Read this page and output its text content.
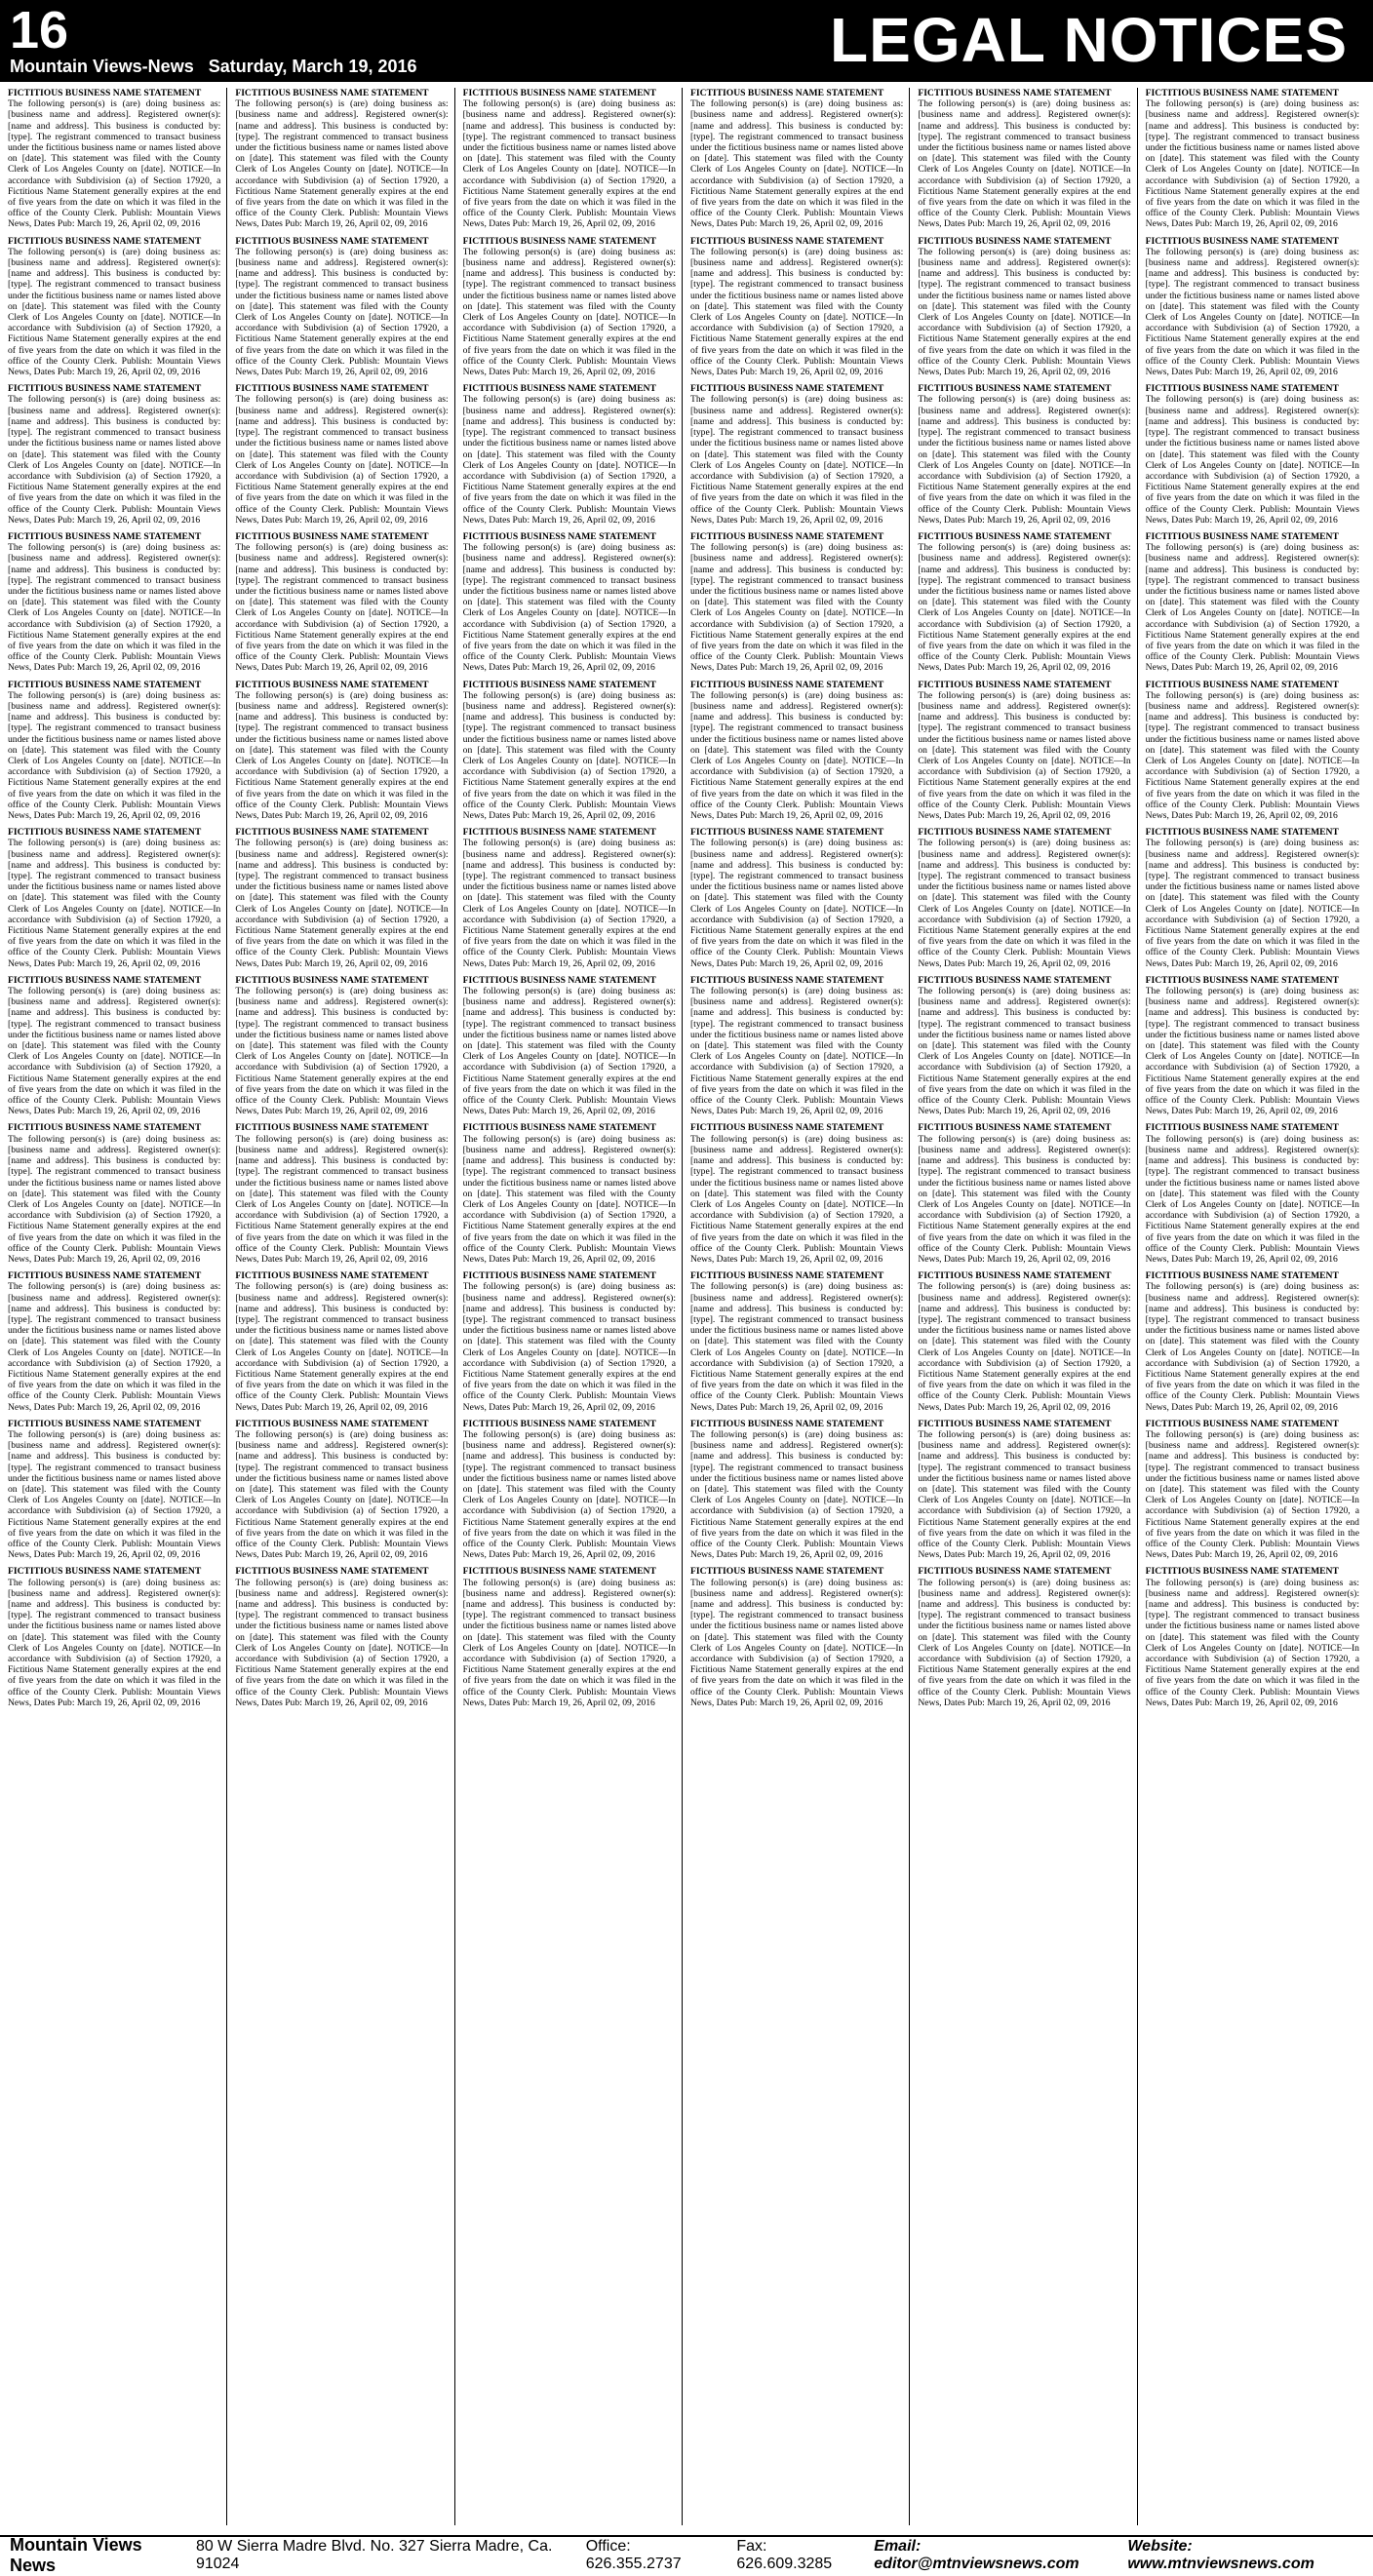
16
Mountain Views-News Saturday, March 19, 2016	LEGAL NOTICES
FICTITIOUS BUSINESS NAME STATEMENT
The following person(s) is (are) doing business as: [business name and address]. Registered owner(s): [name and address]. This business is conducted by: [type]. The registrant commenced to transact business under the fictitious business name or names listed above on [date]. This statement was filed with the County Clerk of Los Angeles County on [date]. NOTICE—In accordance with Subdivision (a) of Section 17920, a Fictitious Name Statement generally expires at the end of five years from the date on which it was filed in the office of the County Clerk. Publish: Mountain Views News, Dates Pub: March 19, 26, April 02, 09, 2016
FICTITIOUS BUSINESS NAME STATEMENT
The following person(s) is (are) doing business as: [business name and address]. Registered owner(s): [name and address]. This business is conducted by: [type]. The registrant commenced to transact business under the fictitious business name or names listed above on [date]. This statement was filed with the County Clerk of Los Angeles County on [date]. NOTICE—In accordance with Subdivision (a) of Section 17920, a Fictitious Name Statement generally expires at the end of five years from the date on which it was filed in the office of the County Clerk. Publish: Mountain Views News, Dates Pub: March 19, 26, April 02, 09, 2016
FICTITIOUS BUSINESS NAME STATEMENT
The following person(s) is (are) doing business as: [business name and address]. Registered owner(s): [name and address]. This business is conducted by: [type]. The registrant commenced to transact business under the fictitious business name or names listed above on [date]. This statement was filed with the County Clerk of Los Angeles County on [date]. NOTICE—In accordance with Subdivision (a) of Section 17920, a Fictitious Name Statement generally expires at the end of five years from the date on which it was filed in the office of the County Clerk. Publish: Mountain Views News, Dates Pub: March 19, 26, April 02, 09, 2016
FICTITIOUS BUSINESS NAME STATEMENT
The following person(s) is (are) doing business as: [business name and address]. Registered owner(s): [name and address]. This business is conducted by: [type]. The registrant commenced to transact business under the fictitious business name or names listed above on [date]. This statement was filed with the County Clerk of Los Angeles County on [date]. NOTICE—In accordance with Subdivision (a) of Section 17920, a Fictitious Name Statement generally expires at the end of five years from the date on which it was filed in the office of the County Clerk. Publish: Mountain Views News, Dates Pub: March 19, 26, April 02, 09, 2016
FICTITIOUS BUSINESS NAME STATEMENT
The following person(s) is (are) doing business as: [business name and address]. Registered owner(s): [name and address]. This business is conducted by: [type]. The registrant commenced to transact business under the fictitious business name or names listed above on [date]. This statement was filed with the County Clerk of Los Angeles County on [date]. NOTICE—In accordance with Subdivision (a) of Section 17920, a Fictitious Name Statement generally expires at the end of five years from the date on which it was filed in the office of the County Clerk. Publish: Mountain Views News, Dates Pub: March 19, 26, April 02, 09, 2016
FICTITIOUS BUSINESS NAME STATEMENT
The following person(s) is (are) doing business as: [business name and address]. Registered owner(s): [name and address]. This business is conducted by: [type]. The registrant commenced to transact business under the fictitious business name or names listed above on [date]. This statement was filed with the County Clerk of Los Angeles County on [date]. NOTICE—In accordance with Subdivision (a) of Section 17920, a Fictitious Name Statement generally expires at the end of five years from the date on which it was filed in the office of the County Clerk. Publish: Mountain Views News, Dates Pub: March 19, 26, April 02, 09, 2016
FICTITIOUS BUSINESS NAME STATEMENT
The following person(s) is (are) doing business as: [business name and address]. Registered owner(s): [name and address]. This business is conducted by: [type]. The registrant commenced to transact business under the fictitious business name or names listed above on [date]. This statement was filed with the County Clerk of Los Angeles County on [date]. NOTICE—In accordance with Subdivision (a) of Section 17920, a Fictitious Name Statement generally expires at the end of five years from the date on which it was filed in the office of the County Clerk. Publish: Mountain Views News, Dates Pub: March 19, 26, April 02, 09, 2016
FICTITIOUS BUSINESS NAME STATEMENT
The following person(s) is (are) doing business as: [business name and address]. Registered owner(s): [name and address]. This business is conducted by: [type]. The registrant commenced to transact business under the fictitious business name or names listed above on [date]. This statement was filed with the County Clerk of Los Angeles County on [date]. NOTICE—In accordance with Subdivision (a) of Section 17920, a Fictitious Name Statement generally expires at the end of five years from the date on which it was filed in the office of the County Clerk. Publish: Mountain Views News, Dates Pub: March 19, 26, April 02, 09, 2016
FICTITIOUS BUSINESS NAME STATEMENT
The following person(s) is (are) doing business as: [business name and address]. Registered owner(s): [name and address]. This business is conducted by: [type]. The registrant commenced to transact business under the fictitious business name or names listed above on [date]. This statement was filed with the County Clerk of Los Angeles County on [date]. NOTICE—In accordance with Subdivision (a) of Section 17920, a Fictitious Name Statement generally expires at the end of five years from the date on which it was filed in the office of the County Clerk. Publish: Mountain Views News, Dates Pub: March 19, 26, April 02, 09, 2016
FICTITIOUS BUSINESS NAME STATEMENT
The following person(s) is (are) doing business as: [business name and address]. Registered owner(s): [name and address]. This business is conducted by: [type]. The registrant commenced to transact business under the fictitious business name or names listed above on [date]. This statement was filed with the County Clerk of Los Angeles County on [date]. NOTICE—In accordance with Subdivision (a) of Section 17920, a Fictitious Name Statement generally expires at the end of five years from the date on which it was filed in the office of the County Clerk. Publish: Mountain Views News, Dates Pub: March 19, 26, April 02, 09, 2016
FICTITIOUS BUSINESS NAME STATEMENT
The following person(s) is (are) doing business as: [business name and address]. Registered owner(s): [name and address]. This business is conducted by: [type]. The registrant commenced to transact business under the fictitious business name or names listed above on [date]. This statement was filed with the County Clerk of Los Angeles County on [date]. NOTICE—In accordance with Subdivision (a) of Section 17920, a Fictitious Name Statement generally expires at the end of five years from the date on which it was filed in the office of the County Clerk. Publish: Mountain Views News, Dates Pub: March 19, 26, April 02, 09, 2016
FICTITIOUS BUSINESS NAME STATEMENT
The following person(s) is (are) doing business as: [business name and address]. Registered owner(s): [name and address]. This business is conducted by: [type]. The registrant commenced to transact business under the fictitious business name or names listed above on [date]. This statement was filed with the County Clerk of Los Angeles County on [date]. NOTICE—In accordance with Subdivision (a) of Section 17920, a Fictitious Name Statement generally expires at the end of five years from the date on which it was filed in the office of the County Clerk. Publish: Mountain Views News, Dates Pub: March 19, 26, April 02, 09, 2016
FICTITIOUS BUSINESS NAME STATEMENT
The following person(s) is (are) doing business as: [business name and address]. Registered owner(s): [name and address]. This business is conducted by: [type]. The registrant commenced to transact business under the fictitious business name or names listed above on [date]. This statement was filed with the County Clerk of Los Angeles County on [date]. NOTICE—In accordance with Subdivision (a) of Section 17920, a Fictitious Name Statement generally expires at the end of five years from the date on which it was filed in the office of the County Clerk. Publish: Mountain Views News, Dates Pub: March 19, 26, April 02, 09, 2016
FICTITIOUS BUSINESS NAME STATEMENT
The following person(s) is (are) doing business as: [business name and address]. Registered owner(s): [name and address]. This business is conducted by: [type]. The registrant commenced to transact business under the fictitious business name or names listed above on [date]. This statement was filed with the County Clerk of Los Angeles County on [date]. NOTICE—In accordance with Subdivision (a) of Section 17920, a Fictitious Name Statement generally expires at the end of five years from the date on which it was filed in the office of the County Clerk. Publish: Mountain Views News, Dates Pub: March 19, 26, April 02, 09, 2016
FICTITIOUS BUSINESS NAME STATEMENT
The following person(s) is (are) doing business as: [business name and address]. Registered owner(s): [name and address]. This business is conducted by: [type]. The registrant commenced to transact business under the fictitious business name or names listed above on [date]. This statement was filed with the County Clerk of Los Angeles County on [date]. NOTICE—In accordance with Subdivision (a) of Section 17920, a Fictitious Name Statement generally expires at the end of five years from the date on which it was filed in the office of the County Clerk. Publish: Mountain Views News, Dates Pub: March 19, 26, April 02, 09, 2016
FICTITIOUS BUSINESS NAME STATEMENT
The following person(s) is (are) doing business as: [business name and address]. Registered owner(s): [name and address]. This business is conducted by: [type]. The registrant commenced to transact business under the fictitious business name or names listed above on [date]. This statement was filed with the County Clerk of Los Angeles County on [date]. NOTICE—In accordance with Subdivision (a) of Section 17920, a Fictitious Name Statement generally expires at the end of five years from the date on which it was filed in the office of the County Clerk. Publish: Mountain Views News, Dates Pub: March 19, 26, April 02, 09, 2016
FICTITIOUS BUSINESS NAME STATEMENT
The following person(s) is (are) doing business as: [business name and address]. Registered owner(s): [name and address]. This business is conducted by: [type]. The registrant commenced to transact business under the fictitious business name or names listed above on [date]. This statement was filed with the County Clerk of Los Angeles County on [date]. NOTICE—In accordance with Subdivision (a) of Section 17920, a Fictitious Name Statement generally expires at the end of five years from the date on which it was filed in the office of the County Clerk. Publish: Mountain Views News, Dates Pub: March 19, 26, April 02, 09, 2016
FICTITIOUS BUSINESS NAME STATEMENT
The following person(s) is (are) doing business as: [business name and address]. Registered owner(s): [name and address]. This business is conducted by: [type]. The registrant commenced to transact business under the fictitious business name or names listed above on [date]. This statement was filed with the County Clerk of Los Angeles County on [date]. NOTICE—In accordance with Subdivision (a) of Section 17920, a Fictitious Name Statement generally expires at the end of five years from the date on which it was filed in the office of the County Clerk. Publish: Mountain Views News, Dates Pub: March 19, 26, April 02, 09, 2016
FICTITIOUS BUSINESS NAME STATEMENT
The following person(s) is (are) doing business as: [business name and address]. Registered owner(s): [name and address]. This business is conducted by: [type]. The registrant commenced to transact business under the fictitious business name or names listed above on [date]. This statement was filed with the County Clerk of Los Angeles County on [date]. NOTICE—In accordance with Subdivision (a) of Section 17920, a Fictitious Name Statement generally expires at the end of five years from the date on which it was filed in the office of the County Clerk. Publish: Mountain Views News, Dates Pub: March 19, 26, April 02, 09, 2016
FICTITIOUS BUSINESS NAME STATEMENT
The following person(s) is (are) doing business as: [business name and address]. Registered owner(s): [name and address]. This business is conducted by: [type]. The registrant commenced to transact business under the fictitious business name or names listed above on [date]. This statement was filed with the County Clerk of Los Angeles County on [date]. NOTICE—In accordance with Subdivision (a) of Section 17920, a Fictitious Name Statement generally expires at the end of five years from the date on which it was filed in the office of the County Clerk. Publish: Mountain Views News, Dates Pub: March 19, 26, April 02, 09, 2016
FICTITIOUS BUSINESS NAME STATEMENT
The following person(s) is (are) doing business as: [business name and address]. Registered owner(s): [name and address]. This business is conducted by: [type]. The registrant commenced to transact business under the fictitious business name or names listed above on [date]. This statement was filed with the County Clerk of Los Angeles County on [date]. NOTICE—In accordance with Subdivision (a) of Section 17920, a Fictitious Name Statement generally expires at the end of five years from the date on which it was filed in the office of the County Clerk. Publish: Mountain Views News, Dates Pub: March 19, 26, April 02, 09, 2016
FICTITIOUS BUSINESS NAME STATEMENT
The following person(s) is (are) doing business as: [business name and address]. Registered owner(s): [name and address]. This business is conducted by: [type]. The registrant commenced to transact business under the fictitious business name or names listed above on [date]. This statement was filed with the County Clerk of Los Angeles County on [date]. NOTICE—In accordance with Subdivision (a) of Section 17920, a Fictitious Name Statement generally expires at the end of five years from the date on which it was filed in the office of the County Clerk. Publish: Mountain Views News, Dates Pub: March 19, 26, April 02, 09, 2016
FICTITIOUS BUSINESS NAME STATEMENT
The following person(s) is (are) doing business as: [business name and address]. Registered owner(s): [name and address]. This business is conducted by: [type]. The registrant commenced to transact business under the fictitious business name or names listed above on [date]. This statement was filed with the County Clerk of Los Angeles County on [date]. NOTICE—In accordance with Subdivision (a) of Section 17920, a Fictitious Name Statement generally expires at the end of five years from the date on which it was filed in the office of the County Clerk. Publish: Mountain Views News, Dates Pub: March 19, 26, April 02, 09, 2016
FICTITIOUS BUSINESS NAME STATEMENT
The following person(s) is (are) doing business as: [business name and address]. Registered owner(s): [name and address]. This business is conducted by: [type]. The registrant commenced to transact business under the fictitious business name or names listed above on [date]. This statement was filed with the County Clerk of Los Angeles County on [date]. NOTICE—In accordance with Subdivision (a) of Section 17920, a Fictitious Name Statement generally expires at the end of five years from the date on which it was filed in the office of the County Clerk. Publish: Mountain Views News, Dates Pub: March 19, 26, April 02, 09, 2016
FICTITIOUS BUSINESS NAME STATEMENT
The following person(s) is (are) doing business as: [business name and address]. Registered owner(s): [name and address]. This business is conducted by: [type]. The registrant commenced to transact business under the fictitious business name or names listed above on [date]. This statement was filed with the County Clerk of Los Angeles County on [date]. NOTICE—In accordance with Subdivision (a) of Section 17920, a Fictitious Name Statement generally expires at the end of five years from the date on which it was filed in the office of the County Clerk. Publish: Mountain Views News, Dates Pub: March 19, 26, April 02, 09, 2016
FICTITIOUS BUSINESS NAME STATEMENT
The following person(s) is (are) doing business as: [business name and address]. Registered owner(s): [name and address]. This business is conducted by: [type]. The registrant commenced to transact business under the fictitious business name or names listed above on [date]. This statement was filed with the County Clerk of Los Angeles County on [date]. NOTICE—In accordance with Subdivision (a) of Section 17920, a Fictitious Name Statement generally expires at the end of five years from the date on which it was filed in the office of the County Clerk. Publish: Mountain Views News, Dates Pub: March 19, 26, April 02, 09, 2016
FICTITIOUS BUSINESS NAME STATEMENT
The following person(s) is (are) doing business as: [business name and address]. Registered owner(s): [name and address]. This business is conducted by: [type]. The registrant commenced to transact business under the fictitious business name or names listed above on [date]. This statement was filed with the County Clerk of Los Angeles County on [date]. NOTICE—In accordance with Subdivision (a) of Section 17920, a Fictitious Name Statement generally expires at the end of five years from the date on which it was filed in the office of the County Clerk. Publish: Mountain Views News, Dates Pub: March 19, 26, April 02, 09, 2016
FICTITIOUS BUSINESS NAME STATEMENT
The following person(s) is (are) doing business as: [business name and address]. Registered owner(s): [name and address]. This business is conducted by: [type]. The registrant commenced to transact business under the fictitious business name or names listed above on [date]. This statement was filed with the County Clerk of Los Angeles County on [date]. NOTICE—In accordance with Subdivision (a) of Section 17920, a Fictitious Name Statement generally expires at the end of five years from the date on which it was filed in the office of the County Clerk. Publish: Mountain Views News, Dates Pub: March 19, 26, April 02, 09, 2016
FICTITIOUS BUSINESS NAME STATEMENT
The following person(s) is (are) doing business as: [business name and address]. Registered owner(s): [name and address]. This business is conducted by: [type]. The registrant commenced to transact business under the fictitious business name or names listed above on [date]. This statement was filed with the County Clerk of Los Angeles County on [date]. NOTICE—In accordance with Subdivision (a) of Section 17920, a Fictitious Name Statement generally expires at the end of five years from the date on which it was filed in the office of the County Clerk. Publish: Mountain Views News, Dates Pub: March 19, 26, April 02, 09, 2016
FICTITIOUS BUSINESS NAME STATEMENT
The following person(s) is (are) doing business as: [business name and address]. Registered owner(s): [name and address]. This business is conducted by: [type]. The registrant commenced to transact business under the fictitious business name or names listed above on [date]. This statement was filed with the County Clerk of Los Angeles County on [date]. NOTICE—In accordance with Subdivision (a) of Section 17920, a Fictitious Name Statement generally expires at the end of five years from the date on which it was filed in the office of the County Clerk. Publish: Mountain Views News, Dates Pub: March 19, 26, April 02, 09, 2016
FICTITIOUS BUSINESS NAME STATEMENT
The following person(s) is (are) doing business as: [business name and address]. Registered owner(s): [name and address]. This business is conducted by: [type]. The registrant commenced to transact business under the fictitious business name or names listed above on [date]. This statement was filed with the County Clerk of Los Angeles County on [date]. NOTICE—In accordance with Subdivision (a) of Section 17920, a Fictitious Name Statement generally expires at the end of five years from the date on which it was filed in the office of the County Clerk. Publish: Mountain Views News, Dates Pub: March 19, 26, April 02, 09, 2016
FICTITIOUS BUSINESS NAME STATEMENT
The following person(s) is (are) doing business as: [business name and address]. Registered owner(s): [name and address]. This business is conducted by: [type]. The registrant commenced to transact business under the fictitious business name or names listed above on [date]. This statement was filed with the County Clerk of Los Angeles County on [date]. NOTICE—In accordance with Subdivision (a) of Section 17920, a Fictitious Name Statement generally expires at the end of five years from the date on which it was filed in the office of the County Clerk. Publish: Mountain Views News, Dates Pub: March 19, 26, April 02, 09, 2016
FICTITIOUS BUSINESS NAME STATEMENT
The following person(s) is (are) doing business as: [business name and address]. Registered owner(s): [name and address]. This business is conducted by: [type]. The registrant commenced to transact business under the fictitious business name or names listed above on [date]. This statement was filed with the County Clerk of Los Angeles County on [date]. NOTICE—In accordance with Subdivision (a) of Section 17920, a Fictitious Name Statement generally expires at the end of five years from the date on which it was filed in the office of the County Clerk. Publish: Mountain Views News, Dates Pub: March 19, 26, April 02, 09, 2016
FICTITIOUS BUSINESS NAME STATEMENT
The following person(s) is (are) doing business as: [business name and address]. Registered owner(s): [name and address]. This business is conducted by: [type]. The registrant commenced to transact business under the fictitious business name or names listed above on [date]. This statement was filed with the County Clerk of Los Angeles County on [date]. NOTICE—In accordance with Subdivision (a) of Section 17920, a Fictitious Name Statement generally expires at the end of five years from the date on which it was filed in the office of the County Clerk. Publish: Mountain Views News, Dates Pub: March 19, 26, April 02, 09, 2016
FICTITIOUS BUSINESS NAME STATEMENT
The following person(s) is (are) doing business as: [business name and address]. Registered owner(s): [name and address]. This business is conducted by: [type]. The registrant commenced to transact business under the fictitious business name or names listed above on [date]. This statement was filed with the County Clerk of Los Angeles County on [date]. NOTICE—In accordance with Subdivision (a) of Section 17920, a Fictitious Name Statement generally expires at the end of five years from the date on which it was filed in the office of the County Clerk. Publish: Mountain Views News, Dates Pub: March 19, 26, April 02, 09, 2016
FICTITIOUS BUSINESS NAME STATEMENT
The following person(s) is (are) doing business as: [business name and address]. Registered owner(s): [name and address]. This business is conducted by: [type]. The registrant commenced to transact business under the fictitious business name or names listed above on [date]. This statement was filed with the County Clerk of Los Angeles County on [date]. NOTICE—In accordance with Subdivision (a) of Section 17920, a Fictitious Name Statement generally expires at the end of five years from the date on which it was filed in the office of the County Clerk. Publish: Mountain Views News, Dates Pub: March 19, 26, April 02, 09, 2016
FICTITIOUS BUSINESS NAME STATEMENT
The following person(s) is (are) doing business as: [business name and address]. Registered owner(s): [name and address]. This business is conducted by: [type]. The registrant commenced to transact business under the fictitious business name or names listed above on [date]. This statement was filed with the County Clerk of Los Angeles County on [date]. NOTICE—In accordance with Subdivision (a) of Section 17920, a Fictitious Name Statement generally expires at the end of five years from the date on which it was filed in the office of the County Clerk. Publish: Mountain Views News, Dates Pub: March 19, 26, April 02, 09, 2016
FICTITIOUS BUSINESS NAME STATEMENT
The following person(s) is (are) doing business as: [business name and address]. Registered owner(s): [name and address]. This business is conducted by: [type]. The registrant commenced to transact business under the fictitious business name or names listed above on [date]. This statement was filed with the County Clerk of Los Angeles County on [date]. NOTICE—In accordance with Subdivision (a) of Section 17920, a Fictitious Name Statement generally expires at the end of five years from the date on which it was filed in the office of the County Clerk. Publish: Mountain Views News, Dates Pub: March 19, 26, April 02, 09, 2016
FICTITIOUS BUSINESS NAME STATEMENT
The following person(s) is (are) doing business as: [business name and address]. Registered owner(s): [name and address]. This business is conducted by: [type]. The registrant commenced to transact business under the fictitious business name or names listed above on [date]. This statement was filed with the County Clerk of Los Angeles County on [date]. NOTICE—In accordance with Subdivision (a) of Section 17920, a Fictitious Name Statement generally expires at the end of five years from the date on which it was filed in the office of the County Clerk. Publish: Mountain Views News, Dates Pub: March 19, 26, April 02, 09, 2016
FICTITIOUS BUSINESS NAME STATEMENT
The following person(s) is (are) doing business as: [business name and address]. Registered owner(s): [name and address]. This business is conducted by: [type]. The registrant commenced to transact business under the fictitious business name or names listed above on [date]. This statement was filed with the County Clerk of Los Angeles County on [date]. NOTICE—In accordance with Subdivision (a) of Section 17920, a Fictitious Name Statement generally expires at the end of five years from the date on which it was filed in the office of the County Clerk. Publish: Mountain Views News, Dates Pub: March 19, 26, April 02, 09, 2016
FICTITIOUS BUSINESS NAME STATEMENT
The following person(s) is (are) doing business as: [business name and address]. Registered owner(s): [name and address]. This business is conducted by: [type]. The registrant commenced to transact business under the fictitious business name or names listed above on [date]. This statement was filed with the County Clerk of Los Angeles County on [date]. NOTICE—In accordance with Subdivision (a) of Section 17920, a Fictitious Name Statement generally expires at the end of five years from the date on which it was filed in the office of the County Clerk. Publish: Mountain Views News, Dates Pub: March 19, 26, April 02, 09, 2016
FICTITIOUS BUSINESS NAME STATEMENT
The following person(s) is (are) doing business as: [business name and address]. Registered owner(s): [name and address]. This business is conducted by: [type]. The registrant commenced to transact business under the fictitious business name or names listed above on [date]. This statement was filed with the County Clerk of Los Angeles County on [date]. NOTICE—In accordance with Subdivision (a) of Section 17920, a Fictitious Name Statement generally expires at the end of five years from the date on which it was filed in the office of the County Clerk. Publish: Mountain Views News, Dates Pub: March 19, 26, April 02, 09, 2016
FICTITIOUS BUSINESS NAME STATEMENT
The following person(s) is (are) doing business as: [business name and address]. Registered owner(s): [name and address]. This business is conducted by: [type]. The registrant commenced to transact business under the fictitious business name or names listed above on [date]. This statement was filed with the County Clerk of Los Angeles County on [date]. NOTICE—In accordance with Subdivision (a) of Section 17920, a Fictitious Name Statement generally expires at the end of five years from the date on which it was filed in the office of the County Clerk. Publish: Mountain Views News, Dates Pub: March 19, 26, April 02, 09, 2016
FICTITIOUS BUSINESS NAME STATEMENT
The following person(s) is (are) doing business as: [business name and address]. Registered owner(s): [name and address]. This business is conducted by: [type]. The registrant commenced to transact business under the fictitious business name or names listed above on [date]. This statement was filed with the County Clerk of Los Angeles County on [date]. NOTICE—In accordance with Subdivision (a) of Section 17920, a Fictitious Name Statement generally expires at the end of five years from the date on which it was filed in the office of the County Clerk. Publish: Mountain Views News, Dates Pub: March 19, 26, April 02, 09, 2016
FICTITIOUS BUSINESS NAME STATEMENT
The following person(s) is (are) doing business as: [business name and address]. Registered owner(s): [name and address]. This business is conducted by: [type]. The registrant commenced to transact business under the fictitious business name or names listed above on [date]. This statement was filed with the County Clerk of Los Angeles County on [date]. NOTICE—In accordance with Subdivision (a) of Section 17920, a Fictitious Name Statement generally expires at the end of five years from the date on which it was filed in the office of the County Clerk. Publish: Mountain Views News, Dates Pub: March 19, 26, April 02, 09, 2016
FICTITIOUS BUSINESS NAME STATEMENT
The following person(s) is (are) doing business as: [business name and address]. Registered owner(s): [name and address]. This business is conducted by: [type]. The registrant commenced to transact business under the fictitious business name or names listed above on [date]. This statement was filed with the County Clerk of Los Angeles County on [date]. NOTICE—In accordance with Subdivision (a) of Section 17920, a Fictitious Name Statement generally expires at the end of five years from the date on which it was filed in the office of the County Clerk. Publish: Mountain Views News, Dates Pub: March 19, 26, April 02, 09, 2016
FICTITIOUS BUSINESS NAME STATEMENT
The following person(s) is (are) doing business as: [business name and address]. Registered owner(s): [name and address]. This business is conducted by: [type]. The registrant commenced to transact business under the fictitious business name or names listed above on [date]. This statement was filed with the County Clerk of Los Angeles County on [date]. NOTICE—In accordance with Subdivision (a) of Section 17920, a Fictitious Name Statement generally expires at the end of five years from the date on which it was filed in the office of the County Clerk. Publish: Mountain Views News, Dates Pub: March 19, 26, April 02, 09, 2016
FICTITIOUS BUSINESS NAME STATEMENT
The following person(s) is (are) doing business as: [business name and address]. Registered owner(s): [name and address]. This business is conducted by: [type]. The registrant commenced to transact business under the fictitious business name or names listed above on [date]. This statement was filed with the County Clerk of Los Angeles County on [date]. NOTICE—In accordance with Subdivision (a) of Section 17920, a Fictitious Name Statement generally expires at the end of five years from the date on which it was filed in the office of the County Clerk. Publish: Mountain Views News, Dates Pub: March 19, 26, April 02, 09, 2016
FICTITIOUS BUSINESS NAME STATEMENT
The following person(s) is (are) doing business as: [business name and address]. Registered owner(s): [name and address]. This business is conducted by: [type]. The registrant commenced to transact business under the fictitious business name or names listed above on [date]. This statement was filed with the County Clerk of Los Angeles County on [date]. NOTICE—In accordance with Subdivision (a) of Section 17920, a Fictitious Name Statement generally expires at the end of five years from the date on which it was filed in the office of the County Clerk. Publish: Mountain Views News, Dates Pub: March 19, 26, April 02, 09, 2016
FICTITIOUS BUSINESS NAME STATEMENT
The following person(s) is (are) doing business as: [business name and address]. Registered owner(s): [name and address]. This business is conducted by: [type]. The registrant commenced to transact business under the fictitious business name or names listed above on [date]. This statement was filed with the County Clerk of Los Angeles County on [date]. NOTICE—In accordance with Subdivision (a) of Section 17920, a Fictitious Name Statement generally expires at the end of five years from the date on which it was filed in the office of the County Clerk. Publish: Mountain Views News, Dates Pub: March 19, 26, April 02, 09, 2016
FICTITIOUS BUSINESS NAME STATEMENT
The following person(s) is (are) doing business as: [business name and address]. Registered owner(s): [name and address]. This business is conducted by: [type]. The registrant commenced to transact business under the fictitious business name or names listed above on [date]. This statement was filed with the County Clerk of Los Angeles County on [date]. NOTICE—In accordance with Subdivision (a) of Section 17920, a Fictitious Name Statement generally expires at the end of five years from the date on which it was filed in the office of the County Clerk. Publish: Mountain Views News, Dates Pub: March 19, 26, April 02, 09, 2016
FICTITIOUS BUSINESS NAME STATEMENT
The following person(s) is (are) doing business as: [business name and address]. Registered owner(s): [name and address]. This business is conducted by: [type]. The registrant commenced to transact business under the fictitious business name or names listed above on [date]. This statement was filed with the County Clerk of Los Angeles County on [date]. NOTICE—In accordance with Subdivision (a) of Section 17920, a Fictitious Name Statement generally expires at the end of five years from the date on which it was filed in the office of the County Clerk. Publish: Mountain Views News, Dates Pub: March 19, 26, April 02, 09, 2016
FICTITIOUS BUSINESS NAME STATEMENT
The following person(s) is (are) doing business as: [business name and address]. Registered owner(s): [name and address]. This business is conducted by: [type]. The registrant commenced to transact business under the fictitious business name or names listed above on [date]. This statement was filed with the County Clerk of Los Angeles County on [date]. NOTICE—In accordance with Subdivision (a) of Section 17920, a Fictitious Name Statement generally expires at the end of five years from the date on which it was filed in the office of the County Clerk. Publish: Mountain Views News, Dates Pub: March 19, 26, April 02, 09, 2016
FICTITIOUS BUSINESS NAME STATEMENT
The following person(s) is (are) doing business as: [business name and address]. Registered owner(s): [name and address]. This business is conducted by: [type]. The registrant commenced to transact business under the fictitious business name or names listed above on [date]. This statement was filed with the County Clerk of Los Angeles County on [date]. NOTICE—In accordance with Subdivision (a) of Section 17920, a Fictitious Name Statement generally expires at the end of five years from the date on which it was filed in the office of the County Clerk. Publish: Mountain Views News, Dates Pub: March 19, 26, April 02, 09, 2016
FICTITIOUS BUSINESS NAME STATEMENT
The following person(s) is (are) doing business as: [business name and address]. Registered owner(s): [name and address]. This business is conducted by: [type]. The registrant commenced to transact business under the fictitious business name or names listed above on [date]. This statement was filed with the County Clerk of Los Angeles County on [date]. NOTICE—In accordance with Subdivision (a) of Section 17920, a Fictitious Name Statement generally expires at the end of five years from the date on which it was filed in the office of the County Clerk. Publish: Mountain Views News, Dates Pub: March 19, 26, April 02, 09, 2016
FICTITIOUS BUSINESS NAME STATEMENT
The following person(s) is (are) doing business as: [business name and address]. Registered owner(s): [name and address]. This business is conducted by: [type]. The registrant commenced to transact business under the fictitious business name or names listed above on [date]. This statement was filed with the County Clerk of Los Angeles County on [date]. NOTICE—In accordance with Subdivision (a) of Section 17920, a Fictitious Name Statement generally expires at the end of five years from the date on which it was filed in the office of the County Clerk. Publish: Mountain Views News, Dates Pub: March 19, 26, April 02, 09, 2016
FICTITIOUS BUSINESS NAME STATEMENT
The following person(s) is (are) doing business as: [business name and address]. Registered owner(s): [name and address]. This business is conducted by: [type]. The registrant commenced to transact business under the fictitious business name or names listed above on [date]. This statement was filed with the County Clerk of Los Angeles County on [date]. NOTICE—In accordance with Subdivision (a) of Section 17920, a Fictitious Name Statement generally expires at the end of five years from the date on which it was filed in the office of the County Clerk. Publish: Mountain Views News, Dates Pub: March 19, 26, April 02, 09, 2016
FICTITIOUS BUSINESS NAME STATEMENT
The following person(s) is (are) doing business as: [business name and address]. Registered owner(s): [name and address]. This business is conducted by: [type]. The registrant commenced to transact business under the fictitious business name or names listed above on [date]. This statement was filed with the County Clerk of Los Angeles County on [date]. NOTICE—In accordance with Subdivision (a) of Section 17920, a Fictitious Name Statement generally expires at the end of five years from the date on which it was filed in the office of the County Clerk. Publish: Mountain Views News, Dates Pub: March 19, 26, April 02, 09, 2016
FICTITIOUS BUSINESS NAME STATEMENT
The following person(s) is (are) doing business as: [business name and address]. Registered owner(s): [name and address]. This business is conducted by: [type]. The registrant commenced to transact business under the fictitious business name or names listed above on [date]. This statement was filed with the County Clerk of Los Angeles County on [date]. NOTICE—In accordance with Subdivision (a) of Section 17920, a Fictitious Name Statement generally expires at the end of five years from the date on which it was filed in the office of the County Clerk. Publish: Mountain Views News, Dates Pub: March 19, 26, April 02, 09, 2016
FICTITIOUS BUSINESS NAME STATEMENT
The following person(s) is (are) doing business as: [business name and address]. Registered owner(s): [name and address]. This business is conducted by: [type]. The registrant commenced to transact business under the fictitious business name or names listed above on [date]. This statement was filed with the County Clerk of Los Angeles County on [date]. NOTICE—In accordance with Subdivision (a) of Section 17920, a Fictitious Name Statement generally expires at the end of five years from the date on which it was filed in the office of the County Clerk. Publish: Mountain Views News, Dates Pub: March 19, 26, April 02, 09, 2016
FICTITIOUS BUSINESS NAME STATEMENT
The following person(s) is (are) doing business as: [business name and address]. Registered owner(s): [name and address]. This business is conducted by: [type]. The registrant commenced to transact business under the fictitious business name or names listed above on [date]. This statement was filed with the County Clerk of Los Angeles County on [date]. NOTICE—In accordance with Subdivision (a) of Section 17920, a Fictitious Name Statement generally expires at the end of five years from the date on which it was filed in the office of the County Clerk. Publish: Mountain Views News, Dates Pub: March 19, 26, April 02, 09, 2016
FICTITIOUS BUSINESS NAME STATEMENT
The following person(s) is (are) doing business as: [business name and address]. Registered owner(s): [name and address]. This business is conducted by: [type]. The registrant commenced to transact business under the fictitious business name or names listed above on [date]. This statement was filed with the County Clerk of Los Angeles County on [date]. NOTICE—In accordance with Subdivision (a) of Section 17920, a Fictitious Name Statement generally expires at the end of five years from the date on which it was filed in the office of the County Clerk. Publish: Mountain Views News, Dates Pub: March 19, 26, April 02, 09, 2016
FICTITIOUS BUSINESS NAME STATEMENT
The following person(s) is (are) doing business as: [business name and address]. Registered owner(s): [name and address]. This business is conducted by: [type]. The registrant commenced to transact business under the fictitious business name or names listed above on [date]. This statement was filed with the County Clerk of Los Angeles County on [date]. NOTICE—In accordance with Subdivision (a) of Section 17920, a Fictitious Name Statement generally expires at the end of five years from the date on which it was filed in the office of the County Clerk. Publish: Mountain Views News, Dates Pub: March 19, 26, April 02, 09, 2016
FICTITIOUS BUSINESS NAME STATEMENT
The following person(s) is (are) doing business as: [business name and address]. Registered owner(s): [name and address]. This business is conducted by: [type]. The registrant commenced to transact business under the fictitious business name or names listed above on [date]. This statement was filed with the County Clerk of Los Angeles County on [date]. NOTICE—In accordance with Subdivision (a) of Section 17920, a Fictitious Name Statement generally expires at the end of five years from the date on which it was filed in the office of the County Clerk. Publish: Mountain Views News, Dates Pub: March 19, 26, April 02, 09, 2016
FICTITIOUS BUSINESS NAME STATEMENT
The following person(s) is (are) doing business as: [business name and address]. Registered owner(s): [name and address]. This business is conducted by: [type]. The registrant commenced to transact business under the fictitious business name or names listed above on [date]. This statement was filed with the County Clerk of Los Angeles County on [date]. NOTICE—In accordance with Subdivision (a) of Section 17920, a Fictitious Name Statement generally expires at the end of five years from the date on which it was filed in the office of the County Clerk. Publish: Mountain Views News, Dates Pub: March 19, 26, April 02, 09, 2016
FICTITIOUS BUSINESS NAME STATEMENT
The following person(s) is (are) doing business as: [business name and address]. Registered owner(s): [name and address]. This business is conducted by: [type]. The registrant commenced to transact business under the fictitious business name or names listed above on [date]. This statement was filed with the County Clerk of Los Angeles County on [date]. NOTICE—In accordance with Subdivision (a) of Section 17920, a Fictitious Name Statement generally expires at the end of five years from the date on which it was filed in the office of the County Clerk. Publish: Mountain Views News, Dates Pub: March 19, 26, April 02, 09, 2016
Mountain Views News
80 W Sierra Madre Blvd. No. 327 Sierra Madre, Ca. 91024
Office: 626.355.2737
Fax: 626.609.3285
Email: editor@mtnviewsnews.com
Website: www.mtnviewsnews.com
